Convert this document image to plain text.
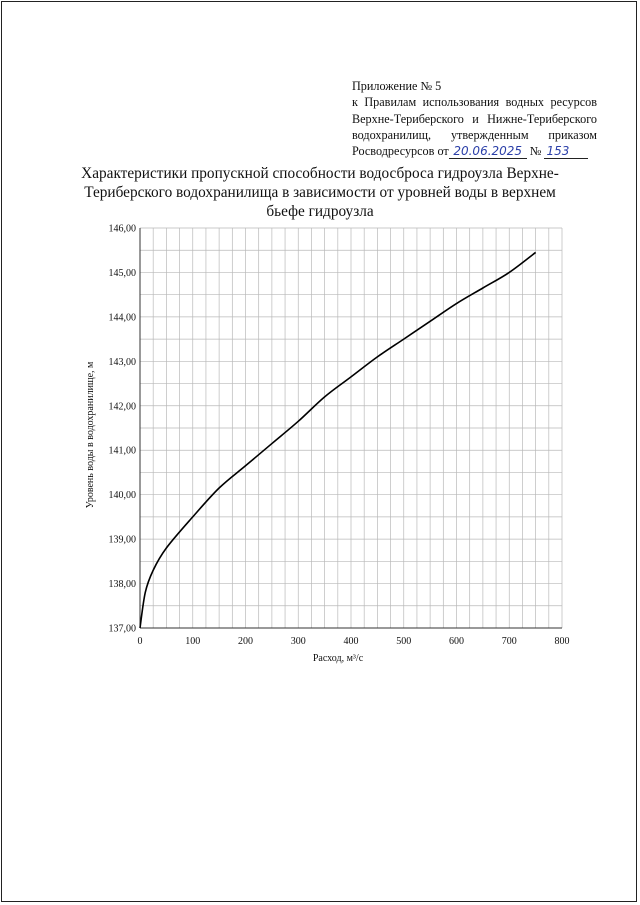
Приложение № 5
к Правилам использования водных ресурсов
Верхне-Териберского и Нижне-Териберского
водохранилищ, утвержденным приказом
Росводресурсов от 20.06.2025 № 153
Характеристики пропускной способности водосброса гидроузла Верхне-Териберского водохранилища в зависимости от уровней воды в верхнем бьефе гидроузла
0	100	200	300	400	500	600	700	800
137,00
138,00
139,00
140,00
141,00
142,00
143,00
144,00
145,00
146,00
Расход, м³/с
Уровень воды в водохранилище, м
